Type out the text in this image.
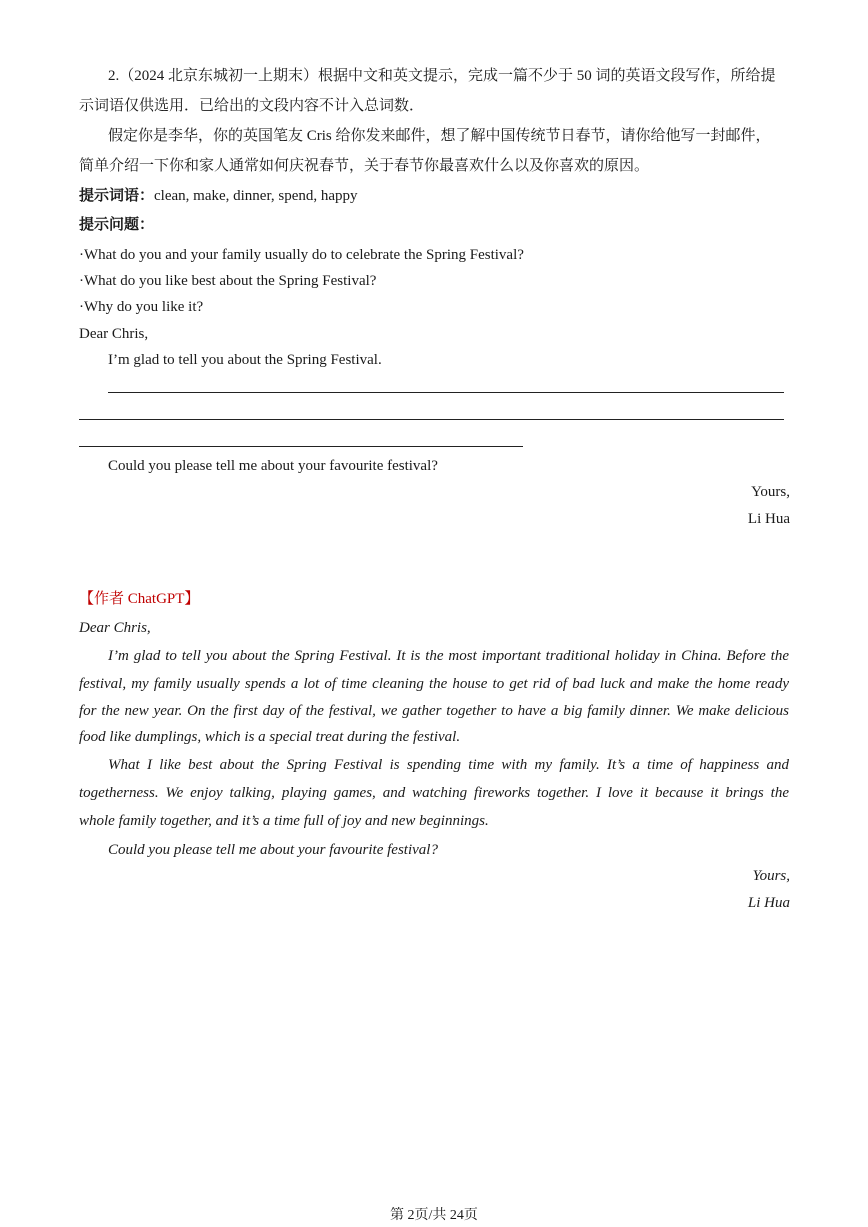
2.（2024 北京东城初一上期末）根据中文和英文提示，完成一篇不少于 50 词的英语文段写作，所给提
示词语仅供选用．已给出的文段内容不计入总词数．
假定你是李华，你的英国笔友 Cris 给你发来邮件，想了解中国传统节日春节，请你给他写一封邮件，
简单介绍一下你和家人通常如何庆祝春节，关于春节你最喜欢什么以及你喜欢的原因。
提示词语：clean, make, dinner, spend, happy
提示问题：
·What do you and your family usually do to celebrate the Spring Festival?
·What do you like best about the Spring Festival?
·Why do you like it?
Dear Chris,
I’m glad to tell you about the Spring Festival.
Could you please tell me about your favourite festival?
Yours,
Li Hua
【作者 ChatGPT】
Dear Chris,
I’m glad to tell you about the Spring Festival. It is the most important traditional holiday in China. Before the
festival, my family usually spends a lot of time cleaning the house to get rid of bad luck and make the home ready
for the new year. On the first day of the festival, we gather together to have a big family dinner. We make delicious
food like dumplings, which is a special treat during the festival.
What I like best about the Spring Festival is spending time with my family. It’s a time of happiness and
togetherness. We enjoy talking, playing games, and watching fireworks together. I love it because it brings the
whole family together, and it’s a time full of joy and new beginnings.
Could you please tell me about your favourite festival?
Yours,
Li Hua
第 2页/共 24页
